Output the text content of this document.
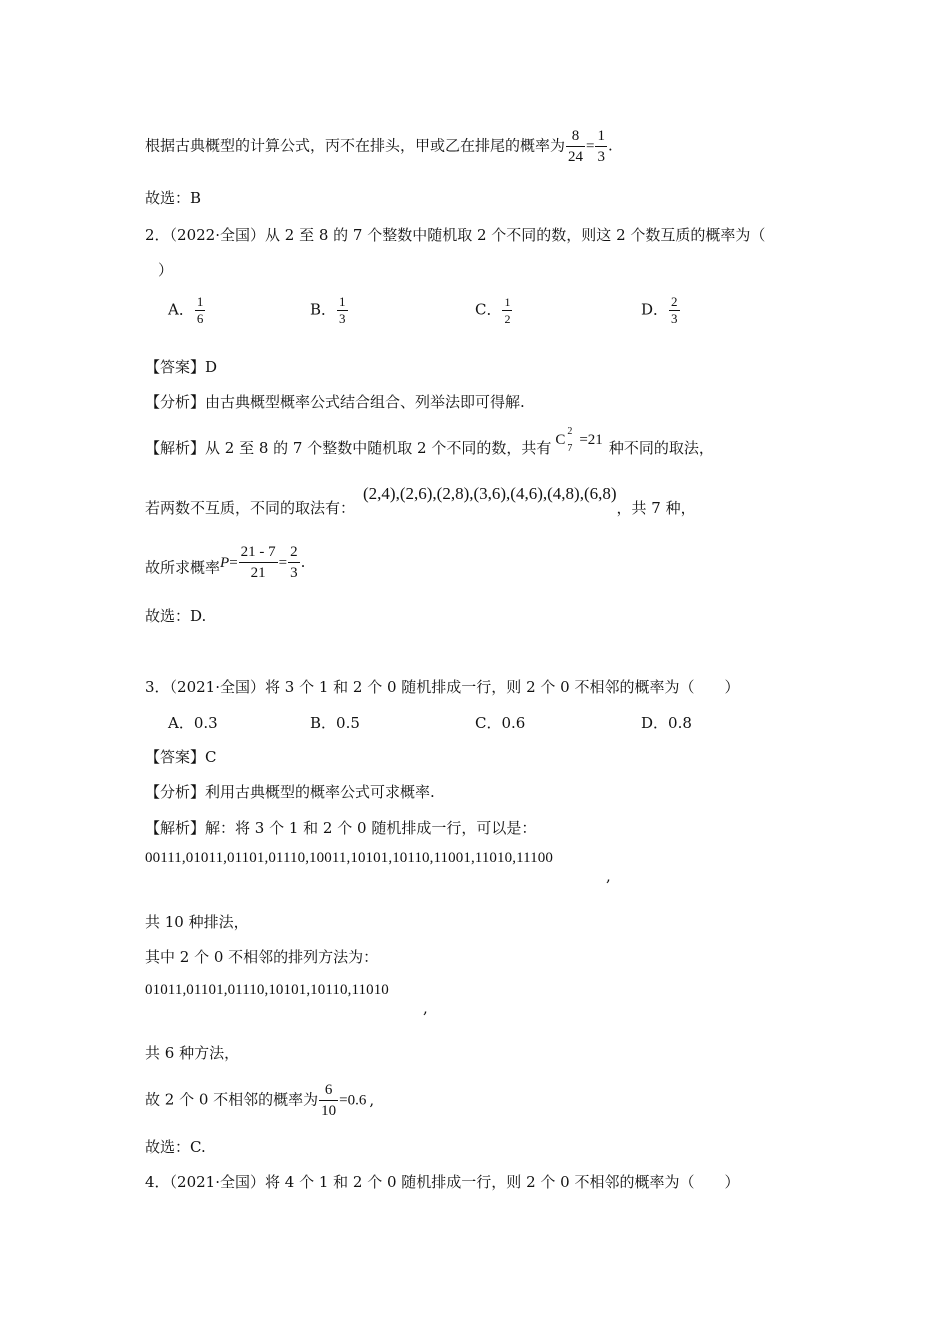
根据古典概型的计算公式，丙不在排头，甲或乙在排尾的概率为 $\frac{8}{24} = \frac{1}{3}$ .
故选：B
2．（2022·全国）从 2 至 8 的 7 个整数中随机取 2 个不同的数，则这 2 个数互质的概率为（
）
A． $\frac{1}{6}$	B． $\frac{1}{3}$	C． $\frac{1}{2}$	D． $\frac{2}{3}$
【答案】D
【分析】由古典概型概率公式结合组合、列举法即可得解.
【解析】从 2 至 8 的 7 个整数中随机取 2 个不同的数，共有 C
2
7
=21 种不同的取法，
若两数不互质，不同的取法有：(2,4),(2,6),(2,8),(3,6),(4,6),(4,8),(6,8)，共 7 种，
故所求概率$P= \frac{21 - 7}{21} = \frac{2}{3}$ .
故选：D.
3．（2021·全国）将 3 个 1 和 2 个 0 随机排成一行，则 2 个 0 不相邻的概率为（　　）
A．0.3	B．0.5	C．0.6	D．0.8
【答案】C
【分析】利用古典概型的概率公式可求概率.
【解析】解：将 3 个 1 和 2 个 0 随机排成一行，可以是：
00111,01011,01101,01110,10011,10101,10110,11001,11010,11100
,
共 10 种排法，
其中 2 个 0 不相邻的排列方法为：
01011,01101,01110,10101,10110,11010
,
共 6 种方法，
故 2 个 0 不相邻的概率为 $\frac{6}{10} =0.6$ ,
故选：C.
4．（2021·全国）将 4 个 1 和 2 个 0 随机排成一行，则 2 个 0 不相邻的概率为（　　）
